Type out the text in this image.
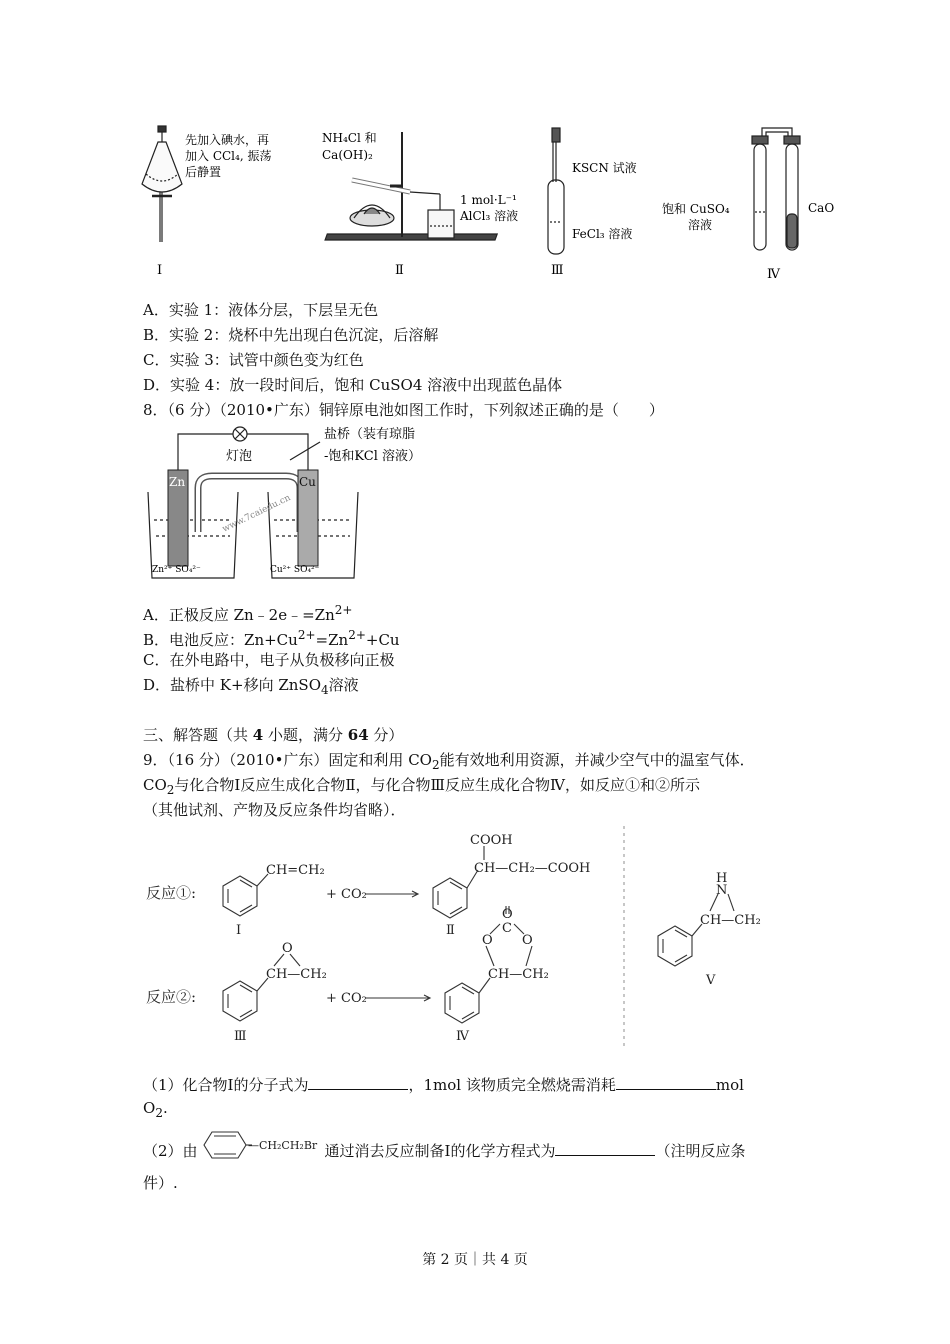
先加入碘水，再
加入 CCl₄, 振荡
后静置
Ⅰ
NH₄Cl 和
Ca(OH)₂
1 mol·L⁻¹
AlCl₃ 溶液
Ⅱ
KSCN 试液
FeCl₃ 溶液
Ⅲ
饱和 CuSO₄
溶液
CaO
Ⅳ
A．实验 1：液体分层，下层呈无色
B．实验 2：烧杯中先出现白色沉淀，后溶解
C．实验 3：试管中颜色变为红色
D．实验 4：放一段时间后，饱和 CuSO4 溶液中出现蓝色晶体
8．（6 分）（2010•广东）铜锌原电池如图工作时，下列叙述正确的是（　　）
Zn	Cu
灯泡
盐桥（装有琼脂
-饱和KCl 溶液）
Zn²⁺ SO₄²⁻	Cu²⁺ SO₄²⁻
www.7caiedu.cn
A．正极反应 $Zn﹣2e﹣=Zn^{2+}$
B．电池反应：$Zn+Cu^{2+}=Zn^{2+}+Cu$
C．在外电路中，电子从负极移向正极
D．盐桥中 K+移向 ZnSO$_4$溶液
三、解答题（共 4 小题，满分 64 分）
9．（16 分）（2010•广东）固定和利用 $CO_2$能有效地利用资源，并减少空气中的温室气体．
$CO_2$与化合物Ⅰ反应生成化合物Ⅱ，与化合物Ⅲ反应生成化合物Ⅳ，如反应①和②所示
（其他试剂、产物及反应条件均省略）．
反应①:
反应②:
CH=CH₂
+ CO₂
+ CO₂
COOH
CH—CH₂—COOH
O
CH—CH₂
O
C
O O
CH—CH₂
H
N
CH—CH₂
Ⅰ	Ⅱ
Ⅲ	Ⅳ
Ⅴ
（1）化合物Ⅰ的分子式为	，1mol 该物质完全燃烧需消耗	mol
$O_2$.
（2）由	—CH₂CH₂Br 通过消去反应制备Ⅰ的化学方程式为	（注明反应条
件）.
第 2 页｜共 4 页
